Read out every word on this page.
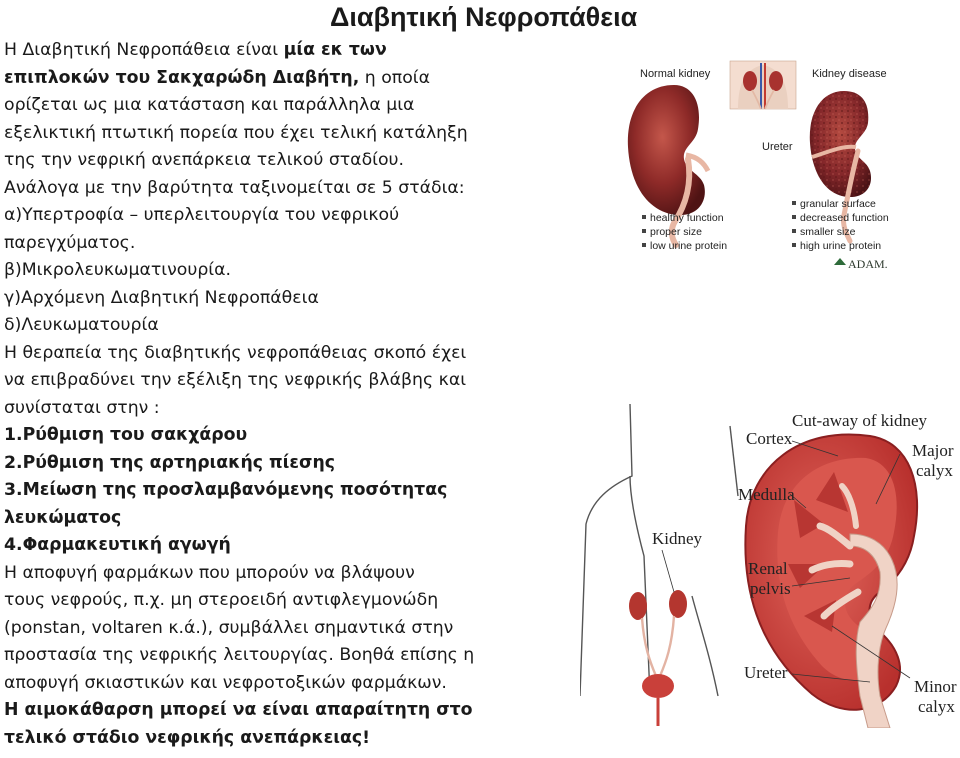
Διαβητική Νεφροπάθεια
Η Διαβητική Νεφροπάθεια είναι μία εκ των
επιπλοκών του Σακχαρώδη Διαβήτη, η οποία
ορίζεται ως μια κατάσταση και παράλληλα μια
εξελικτική πτωτική πορεία που έχει τελική κατάληξη
της την νεφρική ανεπάρκεια τελικού σταδίου.
Ανάλογα με την βαρύτητα ταξινομείται σε 5 στάδια:
α)Υπερτροφία – υπερλειτουργία του νεφρικού
παρεγχύματος.
β)Μικρολευκωματινουρία.
γ)Αρχόμενη Διαβητική Νεφροπάθεια
δ)Λευκωματουρία
Η θεραπεία της διαβητικής νεφροπάθειας σκοπό έχει
να επιβραδύνει την εξέλιξη της νεφρικής βλάβης και
συνίσταται στην :
1.Ρύθμιση του σακχάρου
2.Ρύθμιση της αρτηριακής πίεσης
3.Μείωση της προσλαμβανόμενης ποσότητας
λευκώματος
4.Φαρμακευτική αγωγή
Η αποφυγή φαρμάκων που μπορούν να βλάψουν
τους νεφρούς, π.χ. μη στεροειδή αντιφλεγμονώδη
(ponstan, voltaren κ.ά.), συμβάλλει σημαντικά στην
προστασία της νεφρικής λειτουργίας. Βοηθά επίσης η
αποφυγή σκιαστικών και νεφροτοξικών φαρμάκων.
Η αιμοκάθαρση μπορεί να είναι απαραίτητη στο
τελικό στάδιο νεφρικής ανεπάρκειας!
Normal kidney	Kidney disease
Ureter
healthy function
proper size
low urine protein
granular surface
decreased function
smaller size
high urine protein
ADAM.
Kidney
Cut-away of kidney
Cortex
Medulla
Renal
pelvis
Ureter
Major
calyx
Minor
calyx
